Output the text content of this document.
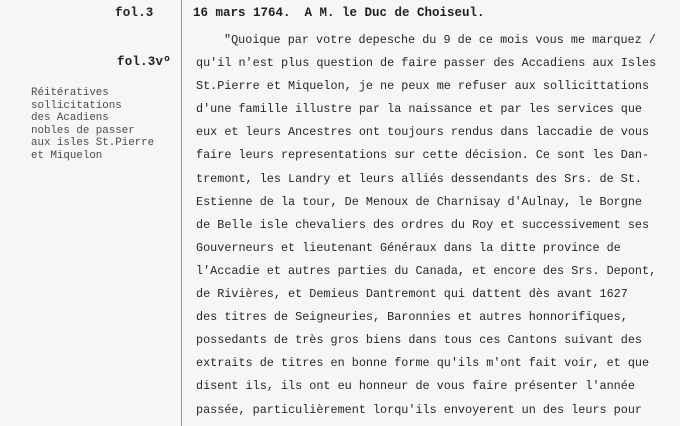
fol.3
fol.3vº
16 mars 1764. A M. le Duc de Choiseul.
Réitératives
sollicitations
des Acadiens
nobles de passer
aux isles St.Pierre
et Miquelon
"Quoique par votre depesche du 9 de ce mois vous me marquez /
qu'il n'est plus question de faire passer des Accadiens aux Isles
St.Pierre et Miquelon, je ne peux me refuser aux sollicittations
d'une famille illustre par la naissance et par les services que
eux et leurs Ancestres ont toujours rendus dans laccadie de vous
faire leurs representations sur cette décision. Ce sont les Dan-
tremont, les Landry et leurs alliés dessendants des Srs. de St.
Estienne de la tour, De Menoux de Charnisay d'Aulnay, le Borgne
de Belle isle chevaliers des ordres du Roy et successivement ses
Gouverneurs et lieutenant Généraux dans la ditte province de
l'Accadie et autres parties du Canada, et encore des Srs. Depont,
de Rivières, et Demieus Dantremont qui dattent dès avant 1627
des titres de Seigneuries, Baronnies et autres honnorifiques,
possedants de très gros biens dans tous ces Cantons suivant des
extraits de titres en bonne forme qu'ils m'ont fait voir, et que
disent ils, ils ont eu honneur de vous faire présenter l'année
passée, particulièrement lorqu'ils envoyerent un des leurs pour
